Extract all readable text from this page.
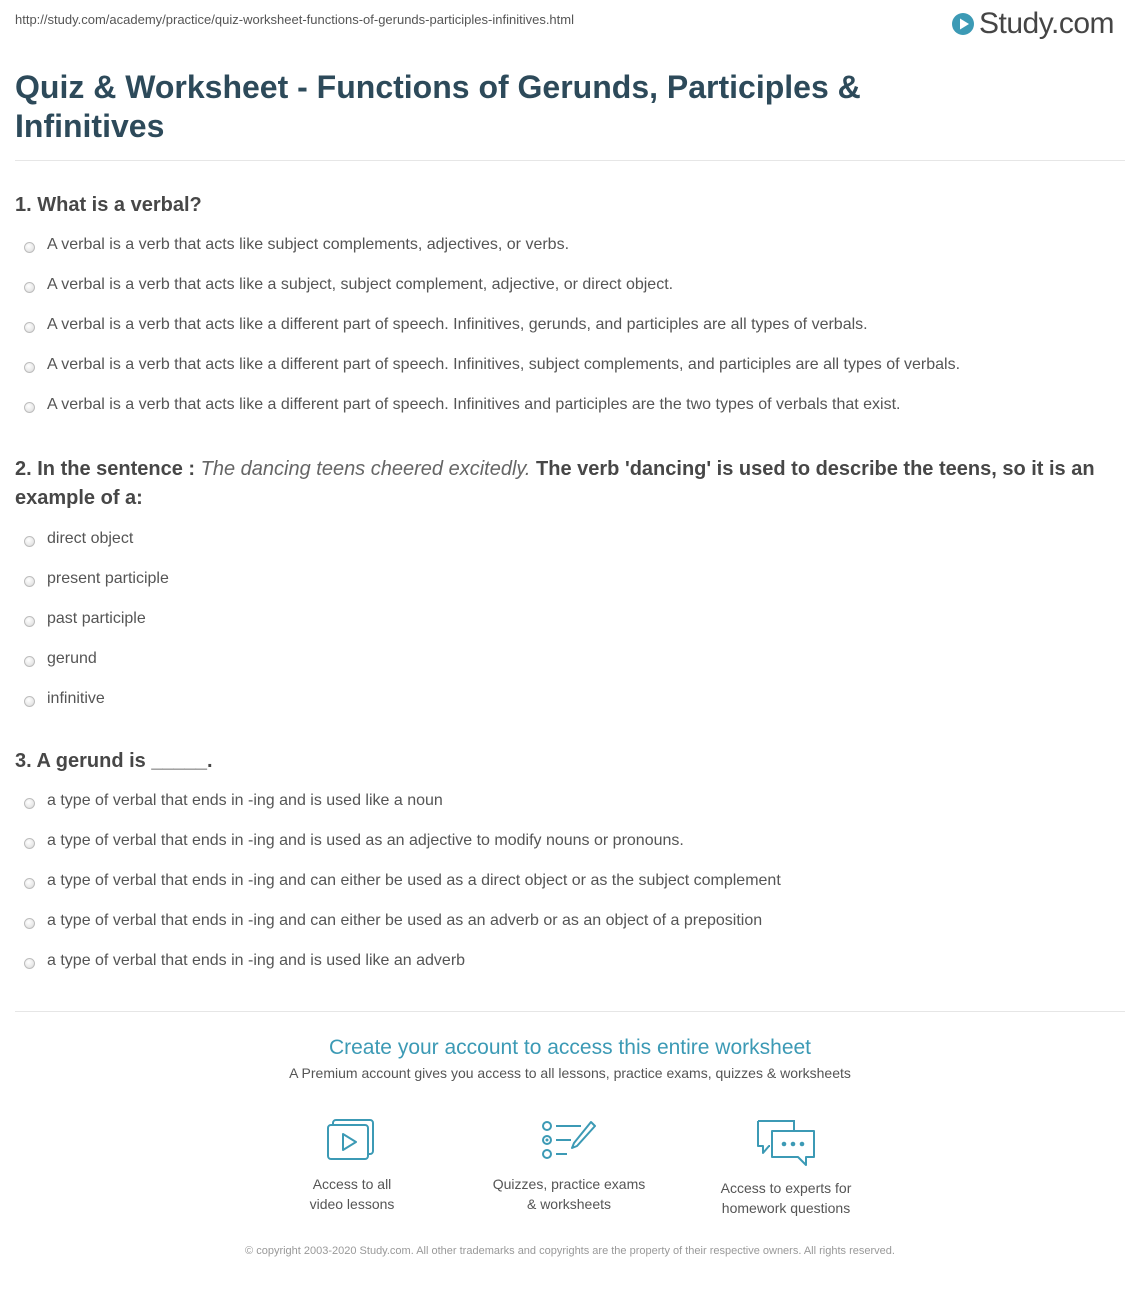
http://study.com/academy/practice/quiz-worksheet-functions-of-gerunds-participles-infinitives.html	Study.com
Quiz & Worksheet - Functions of Gerunds, Participles & Infinitives

1. What is a verbal?

A verbal is a verb that acts like subject complements, adjectives, or verbs.
A verbal is a verb that acts like a subject, subject complement, adjective, or direct object.
A verbal is a verb that acts like a different part of speech. Infinitives, gerunds, and participles are all types of verbals.
A verbal is a verb that acts like a different part of speech. Infinitives, subject complements, and participles are all types of verbals.
A verbal is a verb that acts like a different part of speech. Infinitives and participles are the two types of verbals that exist.

2. In the sentence : The dancing teens cheered excitedly. The verb 'dancing' is used to describe the teens, so it is an example of a:

direct object
present participle
past participle
gerund
infinitive

3. A gerund is _____.

a type of verbal that ends in -ing and is used like a noun
a type of verbal that ends in -ing and is used as an adjective to modify nouns or pronouns.
a type of verbal that ends in -ing and can either be used as a direct object or as the subject complement
a type of verbal that ends in -ing and can either be used as an adverb or as an object of a preposition
a type of verbal that ends in -ing and is used like an adverb
Create your account to access this entire worksheet
A Premium account gives you access to all lessons, practice exams, quizzes & worksheets
Access to all
video lessons
Quizzes, practice exams
& worksheets
Access to experts for
homework questions
© copyright 2003-2020 Study.com. All other trademarks and copyrights are the property of their respective owners. All rights reserved.
